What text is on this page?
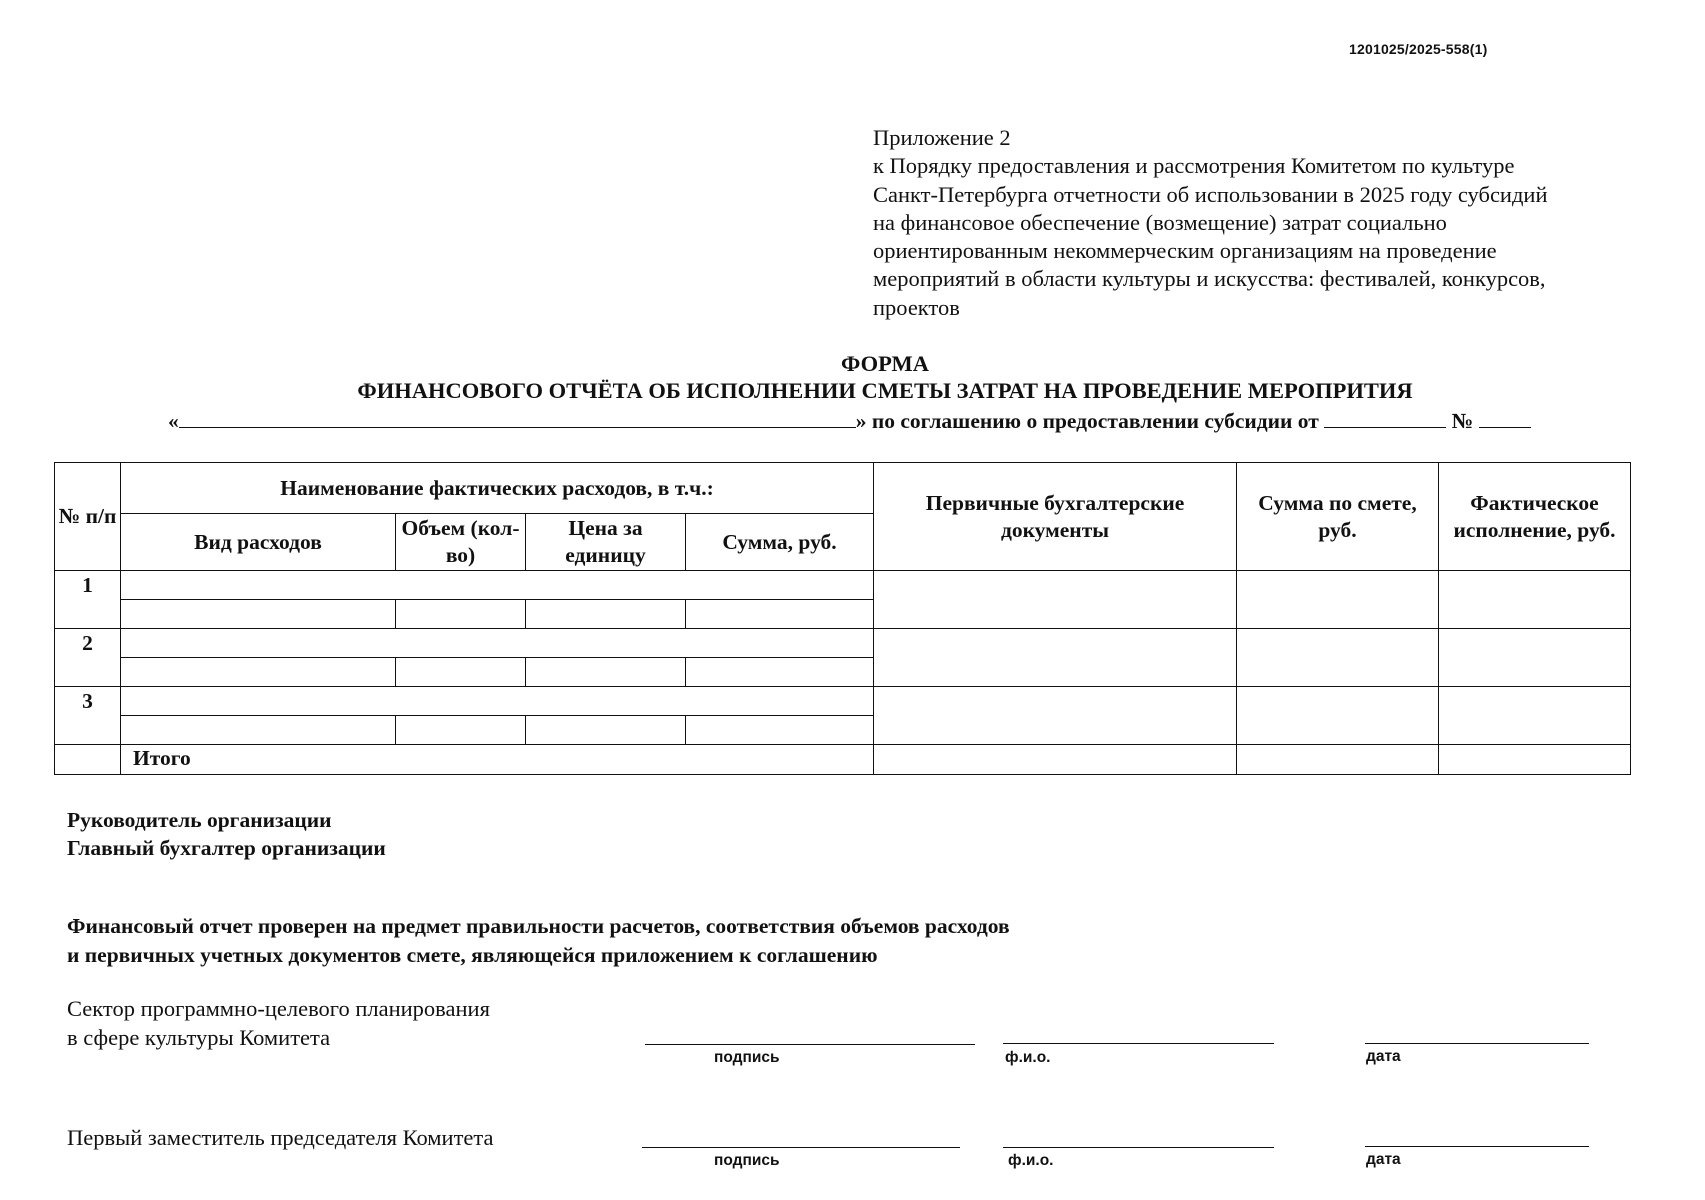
1201025/2025-558(1)
Приложение 2
к Порядку предоставления и рассмотрения Комитетом по культуре
Санкт-Петербурга отчетности об использовании в 2025 году субсидий
на финансовое обеспечение (возмещение) затрат социально
ориентированным некоммерческим организациям на проведение
мероприятий в области культуры и искусства: фестивалей, конкурсов,
проектов
ФОРМА
ФИНАНСОВОГО ОТЧЁТА ОБ ИСПОЛНЕНИИ СМЕТЫ ЗАТРАТ НА ПРОВЕДЕНИЕ МЕРОПРИТИЯ
«	» по соглашению о предоставлении субсидии от	№
№ п/п	Наименование фактических расходов, в т.ч.:				Первичные бухгалтерские документы	Сумма по смете, руб.	Фактическое исполнение, руб.
	Вид расходов	Объем (кол-во)	Цена за единицу	Сумма, руб.			
1							

2							

3							

	Итого						
Руководитель организации
Главный бухгалтер организации
Финансовый отчет проверен на предмет правильности расчетов, соответствия объемов расходов
и первичных учетных документов смете, являющейся приложением к соглашению
Сектор программно-целевого планирования
в сфере культуры Комитета
подпись	ф.и.о.	дата
Первый заместитель председателя Комитета
подпись	ф.и.о.	дата
